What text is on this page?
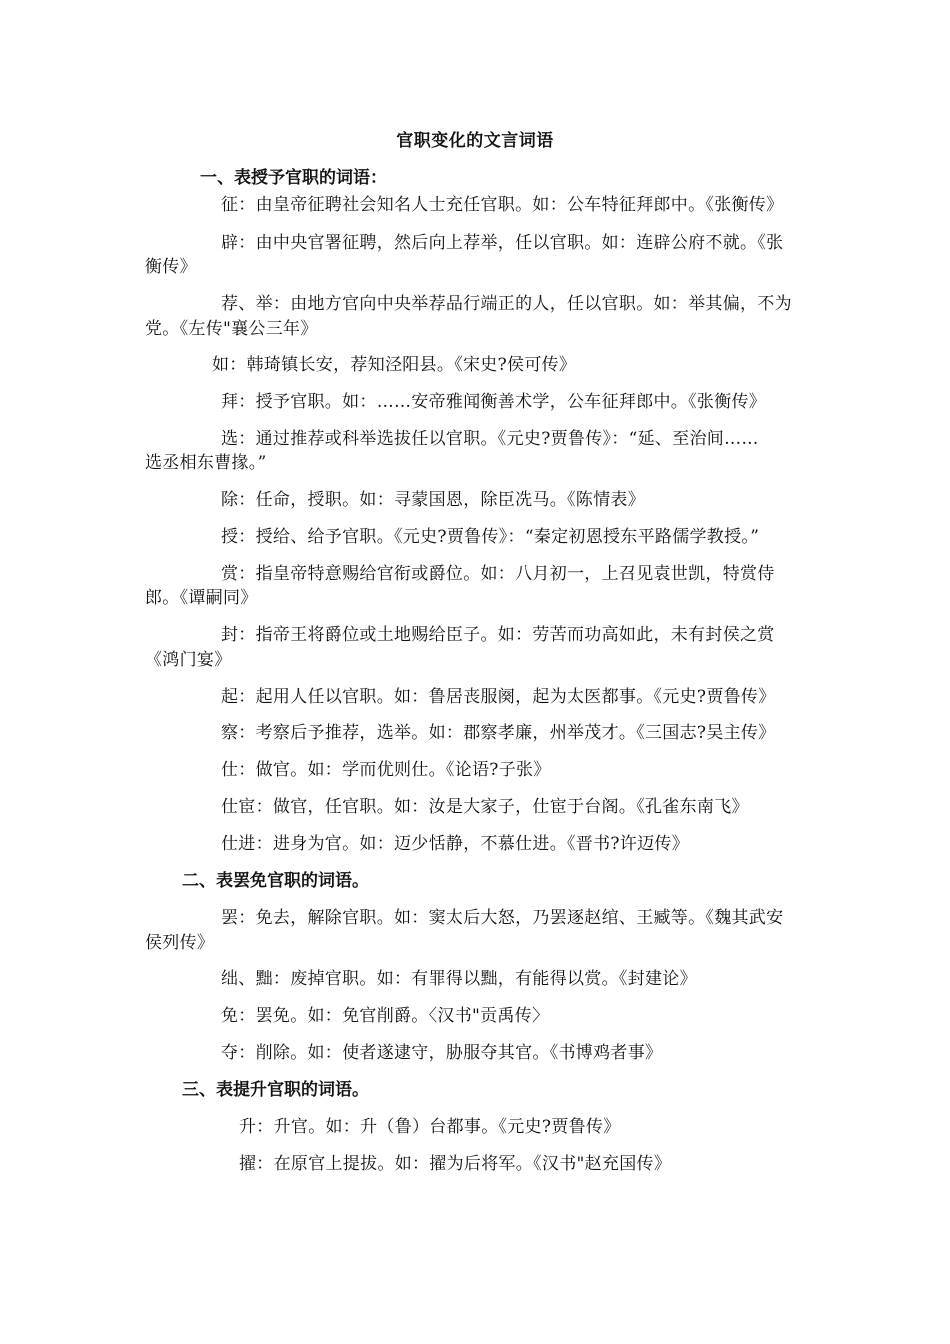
官职变化的文言词语
一、表授予官职的词语：
征：由皇帝征聘社会知名人士充任官职。如：公车特征拜郎中。《张衡传》
辟：由中央官署征聘，然后向上荐举，任以官职。如：连辟公府不就。《张
衡传》
荐、举：由地方官向中央举荐品行端正的人，任以官职。如：举其偏，不为
党。《左传"襄公三年》
如：韩琦镇长安，荐知泾阳县。《宋史?侯可传》
拜：授予官职。如：……安帝雅闻衡善术学，公车征拜郎中。《张衡传》
选：通过推荐或科举选拔任以官职。《元史?贾鲁传》：“延、至治间……
选丞相东曹掾。”
除：任命，授职。如：寻蒙国恩，除臣冼马。《陈情表》
授：授给、给予官职。《元史?贾鲁传》：“秦定初恩授东平路儒学教授。”
赏：指皇帝特意赐给官衔或爵位。如：八月初一，上召见袁世凯，特赏侍
郎。《谭嗣同》
封：指帝王将爵位或土地赐给臣子。如：劳苦而功高如此，未有封侯之赏
《鸿门宴》
起：起用人任以官职。如：鲁居丧服阕，起为太医都事。《元史?贾鲁传》
察：考察后予推荐，选举。如：郡察孝廉，州举茂才。《三国志?吴主传》
仕：做官。如：学而优则仕。《论语?子张》
仕宦：做官，任官职。如：汝是大家子，仕宦于台阁。《孔雀东南飞》
仕进：进身为官。如：迈少恬静，不慕仕进。《晋书?许迈传》
二、表罢免官职的词语。
罢：免去，解除官职。如：窦太后大怒，乃罢逐赵绾、王臧等。《魏其武安
侯列传》
绌、黜：废掉官职。如：有罪得以黜，有能得以赏。《封建论》
免：罢免。如：免官削爵。〈汉书"贡禹传〉
夺：削除。如：使者遂逮守，胁服夺其官。《书博鸡者事》
三、表提升官职的词语。
升：升官。如：升（鲁）台都事。《元史?贾鲁传》
擢：在原官上提拔。如：擢为后将军。《汉书"赵充国传》
